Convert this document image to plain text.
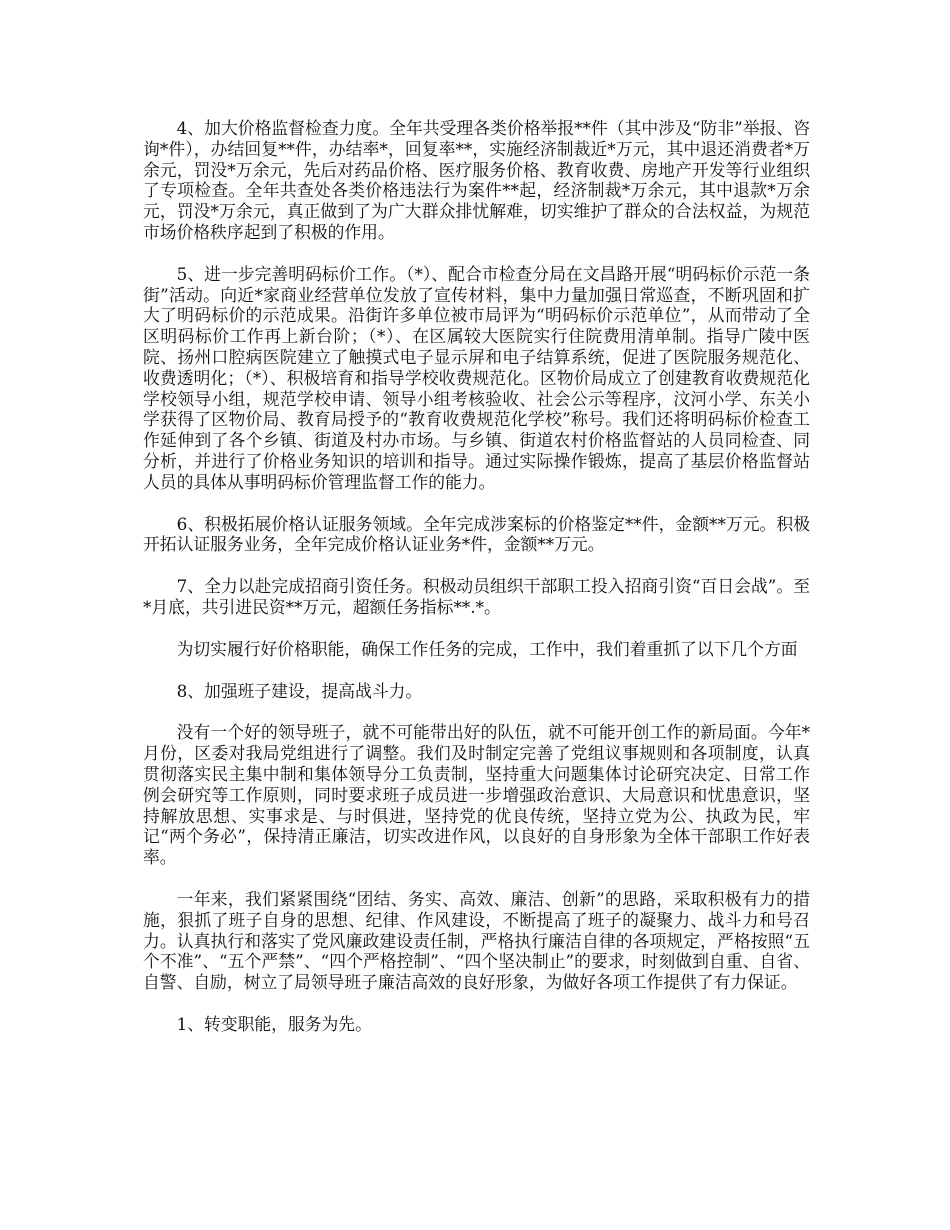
4、加大价格监督检查力度。全年共受理各类价格举报**件（其中涉及“防非”举报、咨询*件），办结回复**件，办结率*，回复率**，实施经济制裁近*万元，其中退还消费者*万余元，罚没*万余元，先后对药品价格、医疗服务价格、教育收费、房地产开发等行业组织了专项检查。全年共查处各类价格违法行为案件**起，经济制裁*万余元，其中退款*万余元，罚没*万余元，真正做到了为广大群众排忧解难，切实维护了群众的合法权益，为规范市场价格秩序起到了积极的作用。

5、进一步完善明码标价工作。（*）、配合市检查分局在文昌路开展“明码标价示范一条街”活动。向近*家商业经营单位发放了宣传材料，集中力量加强日常巡查，不断巩固和扩大了明码标价的示范成果。沿街许多单位被市局评为“明码标价示范单位”，从而带动了全区明码标价工作再上新台阶；（*）、在区属较大医院实行住院费用清单制。指导广陵中医院、扬州口腔病医院建立了触摸式电子显示屏和电子结算系统，促进了医院服务规范化、收费透明化；（*）、积极培育和指导学校收费规范化。区物价局成立了创建教育收费规范化学校领导小组，规范学校申请、领导小组考核验收、社会公示等程序，汶河小学、东关小学获得了区物价局、教育局授予的“教育收费规范化学校”称号。我们还将明码标价检查工作延伸到了各个乡镇、街道及村办市场。与乡镇、街道农村价格监督站的人员同检查、同分析，并进行了价格业务知识的培训和指导。通过实际操作锻炼，提高了基层价格监督站人员的具体从事明码标价管理监督工作的能力。

6、积极拓展价格认证服务领域。全年完成涉案标的价格鉴定**件，金额**万元。积极开拓认证服务业务，全年完成价格认证业务*件，金额**万元。

7、全力以赴完成招商引资任务。积极动员组织干部职工投入招商引资“百日会战”。至*月底，共引进民资**万元，超额任务指标**.*。

为切实履行好价格职能，确保工作任务的完成，工作中，我们着重抓了以下几个方面

8、加强班子建设，提高战斗力。

没有一个好的领导班子，就不可能带出好的队伍，就不可能开创工作的新局面。今年*月份，区委对我局党组进行了调整。我们及时制定完善了党组议事规则和各项制度，认真贯彻落实民主集中制和集体领导分工负责制，坚持重大问题集体讨论研究决定、日常工作例会研究等工作原则，同时要求班子成员进一步增强政治意识、大局意识和忧患意识，坚持解放思想、实事求是、与时俱进，坚持党的优良传统，坚持立党为公、执政为民，牢记“两个务必”，保持清正廉洁，切实改进作风，以良好的自身形象为全体干部职工作好表率。

一年来，我们紧紧围绕“团结、务实、高效、廉洁、创新”的思路，采取积极有力的措施，狠抓了班子自身的思想、纪律、作风建设，不断提高了班子的凝聚力、战斗力和号召力。认真执行和落实了党风廉政建设责任制，严格执行廉洁自律的各项规定，严格按照“五个不准”、“五个严禁”、“四个严格控制”、“四个坚决制止”的要求，时刻做到自重、自省、自警、自励，树立了局领导班子廉洁高效的良好形象，为做好各项工作提供了有力保证。

1、转变职能，服务为先。
